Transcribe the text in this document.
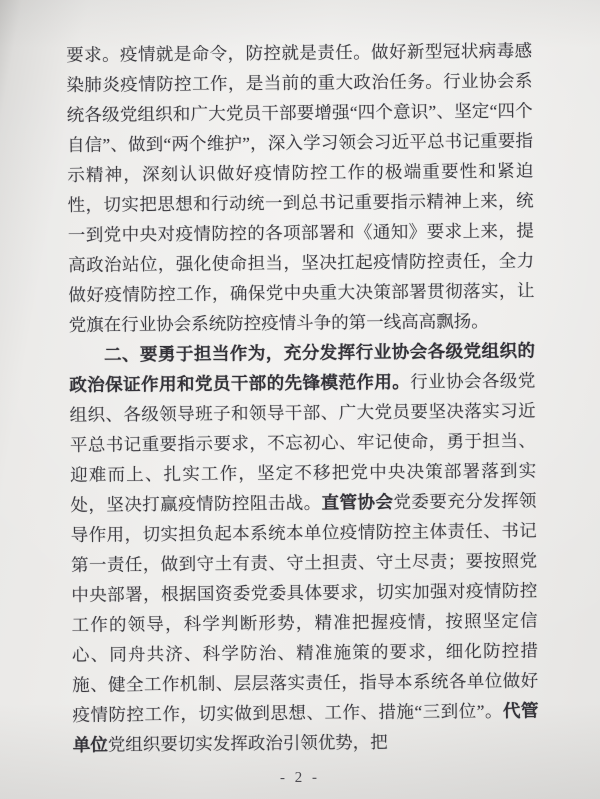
要求。疫情就是命令，防控就是责任。做好新型冠状病毒感染肺炎疫情防控工作，是当前的重大政治任务。行业协会系统各级党组织和广大党员干部要增强“四个意识”、坚定“四个自信”、做到“两个维护”，深入学习领会习近平总书记重要指示精神，深刻认识做好疫情防控工作的极端重要性和紧迫性，切实把思想和行动统一到总书记重要指示精神上来，统一到党中央对疫情防控的各项部署和《通知》要求上来，提高政治站位，强化使命担当，坚决扛起疫情防控责任，全力做好疫情防控工作，确保党中央重大决策部署贯彻落实，让党旗在行业协会系统防控疫情斗争的第一线高高飘扬。

二、要勇于担当作为，充分发挥行业协会各级党组织的政治保证作用和党员干部的先锋模范作用。行业协会各级党组织、各级领导班子和领导干部、广大党员要坚决落实习近平总书记重要指示要求，不忘初心、牢记使命，勇于担当、迎难而上、扎实工作，坚定不移把党中央决策部署落到实处，坚决打赢疫情防控阻击战。直管协会党委要充分发挥领导作用，切实担负起本系统本单位疫情防控主体责任、书记第一责任，做到守土有责、守土担责、守土尽责；要按照党中央部署，根据国资委党委具体要求，切实加强对疫情防控工作的领导，科学判断形势，精准把握疫情，按照坚定信心、同舟共济、科学防治、精准施策的要求，细化防控措施、健全工作机制、层层落实责任，指导本系统各单位做好疫情防控工作，切实做到思想、工作、措施“三到位”。代管单位党组织要切实发挥政治引领优势，把

- 2 -
